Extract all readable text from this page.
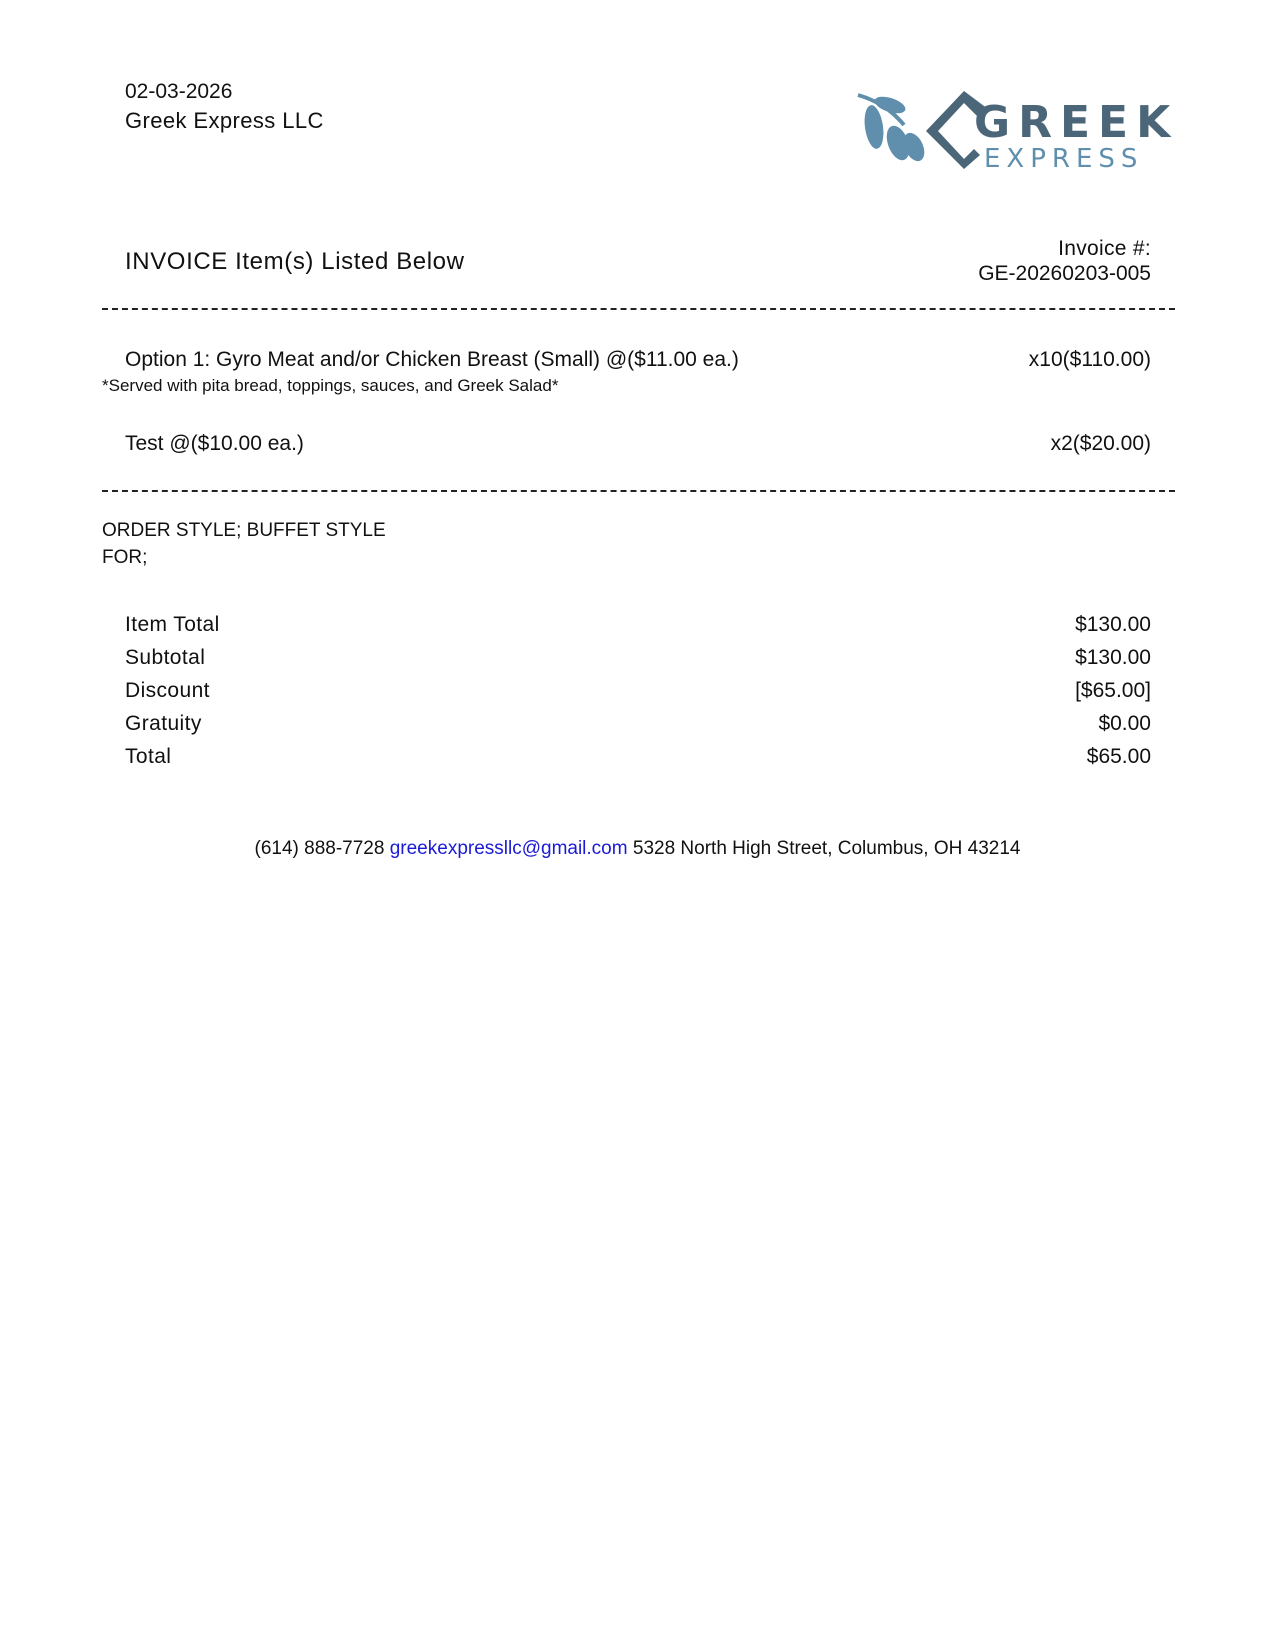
02-03-2026
Greek Express LLC	GREEK
EXPRESS
INVOICE Item(s) Listed Below	Invoice #:
GE-20260203-005
Option 1: Gyro Meat and/or Chicken Breast (Small) @($11.00 ea.)	x10($110.00)
*Served with pita bread, toppings, sauces, and Greek Salad*
Test @($10.00 ea.)	x2($20.00)
ORDER STYLE; BUFFET STYLE
FOR;
Item Total	$130.00
Subtotal	$130.00
Discount	[$65.00]
Gratuity	$0.00
Total	$65.00
(614) 888-7728 greekexpressllc@gmail.com 5328 North High Street, Columbus, OH 43214
